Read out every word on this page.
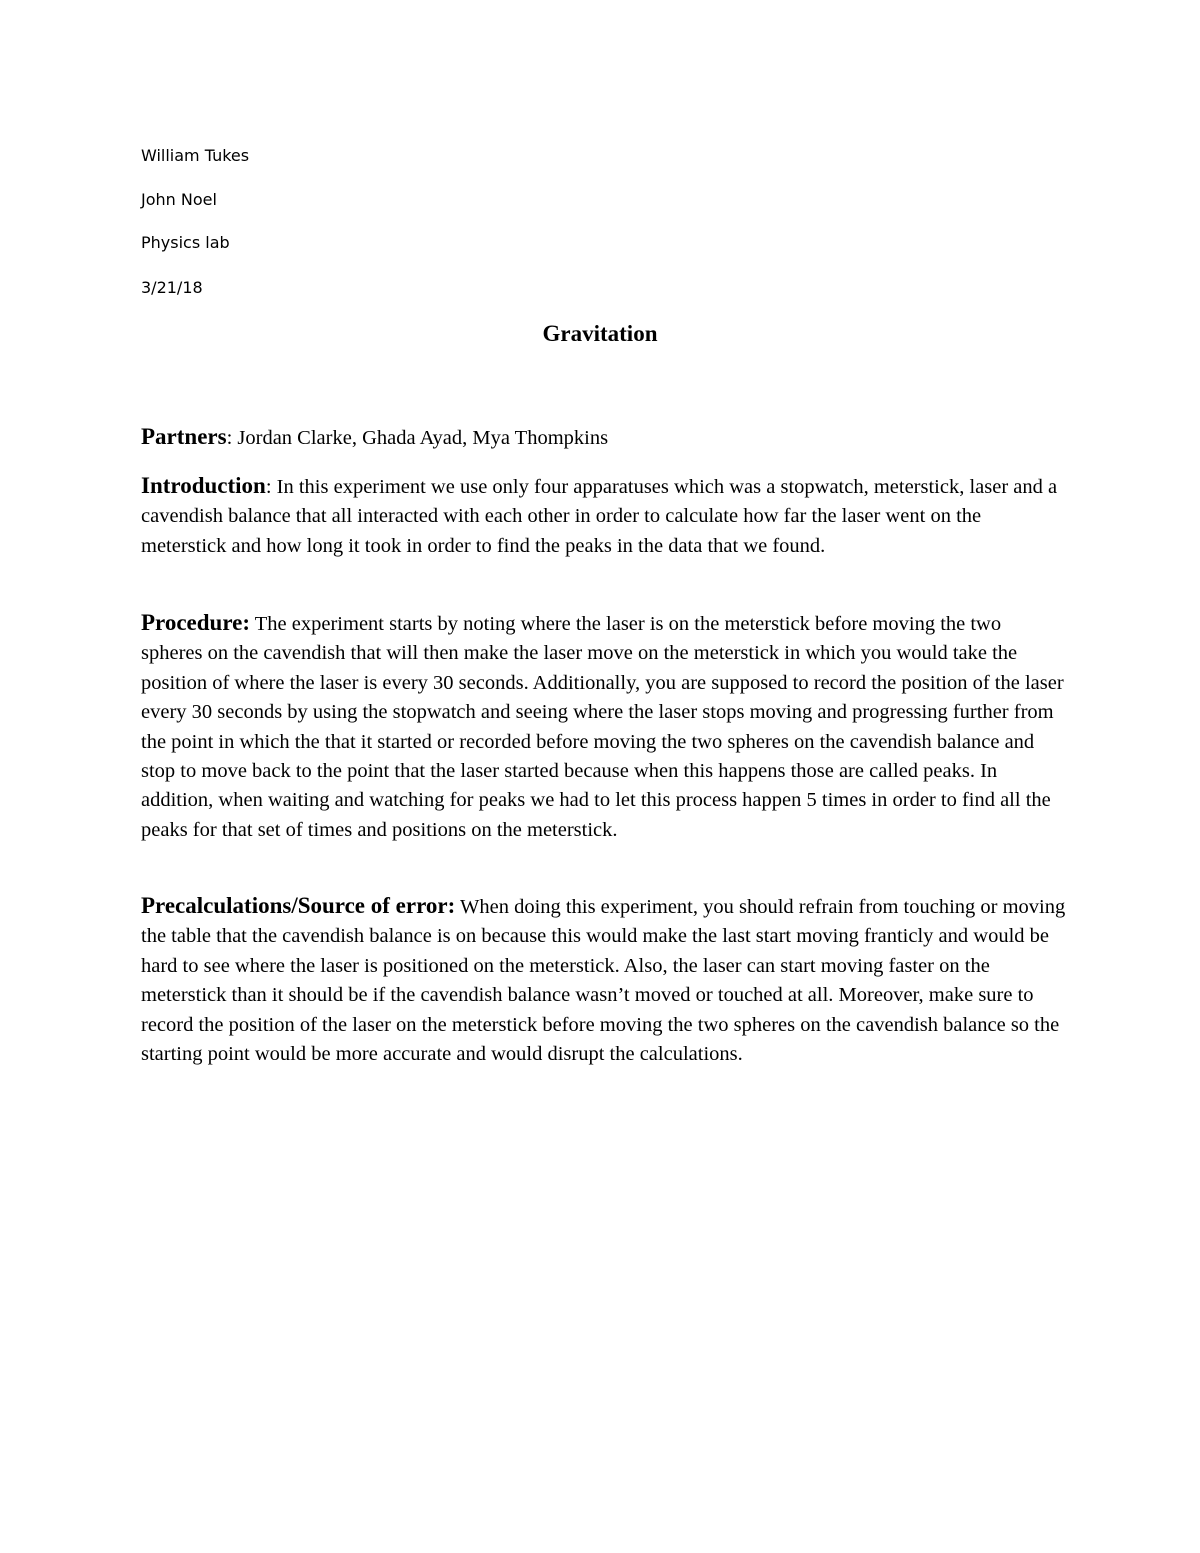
William Tukes

John Noel

Physics lab

3/21/18

Gravitation

Partners: Jordan Clarke, Ghada Ayad, Mya Thompkins

Introduction: In this experiment we use only four apparatuses which was a stopwatch, meterstick, laser and a cavendish balance that all interacted with each other in order to calculate how far the laser went on the meterstick and how long it took in order to find the peaks in the data that we found.

Procedure: The experiment starts by noting where the laser is on the meterstick before moving the two spheres on the cavendish that will then make the laser move on the meterstick in which you would take the position of where the laser is every 30 seconds. Additionally, you are supposed to record the position of the laser every 30 seconds by using the stopwatch and seeing where the laser stops moving and progressing further from the point in which the that it started or recorded before moving the two spheres on the cavendish balance and stop to move back to the point that the laser started because when this happens those are called peaks. In addition, when waiting and watching for peaks we had to let this process happen 5 times in order to find all the peaks for that set of times and positions on the meterstick.

Precalculations/Source of error: When doing this experiment, you should refrain from touching or moving the table that the cavendish balance is on because this would make the last start moving franticly and would be hard to see where the laser is positioned on the meterstick. Also, the laser can start moving faster on the meterstick than it should be if the cavendish balance wasn’t moved or touched at all. Moreover, make sure to record the position of the laser on the meterstick before moving the two spheres on the cavendish balance so the starting point would be more accurate and would disrupt the calculations.
